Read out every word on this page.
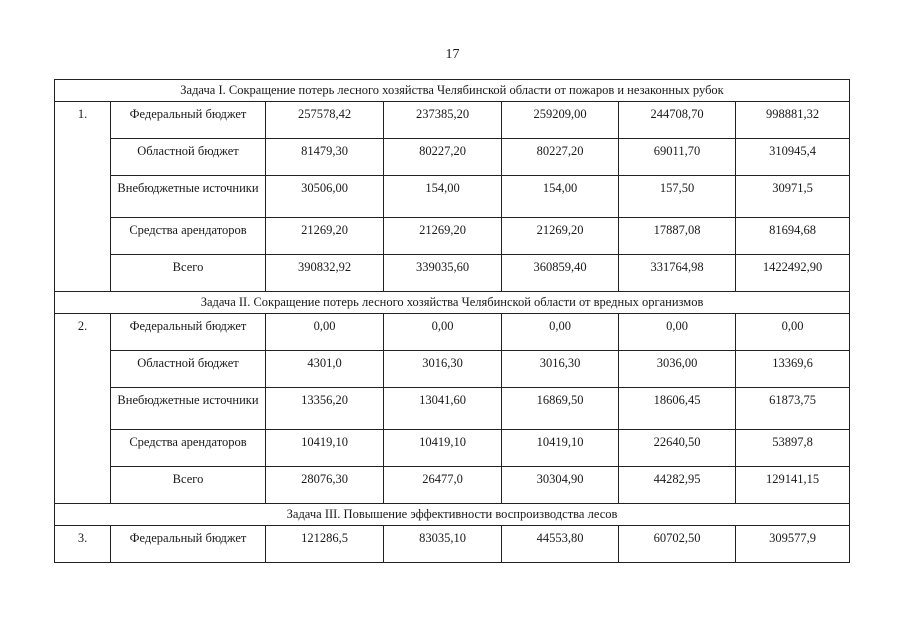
17
Задача I. Сокращение потерь лесного хозяйства Челябинской области от пожаров и незаконных рубок						
1.	Федеральный бюджет	257578,42	237385,20	259209,00	244708,70	998881,32
	Областной бюджет	81479,30	80227,20	80227,20	69011,70	310945,4
	Внебюджетные источники	30506,00	154,00	154,00	157,50	30971,5
	Средства арендаторов	21269,20	21269,20	21269,20	17887,08	81694,68
	Всего	390832,92	339035,60	360859,40	331764,98	1422492,90
Задача II. Сокращение потерь лесного хозяйства Челябинской области от вредных организмов						
2.	Федеральный бюджет	0,00	0,00	0,00	0,00	0,00
	Областной бюджет	4301,0	3016,30	3016,30	3036,00	13369,6
	Внебюджетные источники	13356,20	13041,60	16869,50	18606,45	61873,75
	Средства арендаторов	10419,10	10419,10	10419,10	22640,50	53897,8
	Всего	28076,30	26477,0	30304,90	44282,95	129141,15
Задача III. Повышение эффективности воспроизводства лесов						
3.	Федеральный бюджет	121286,5	83035,10	44553,80	60702,50	309577,9
